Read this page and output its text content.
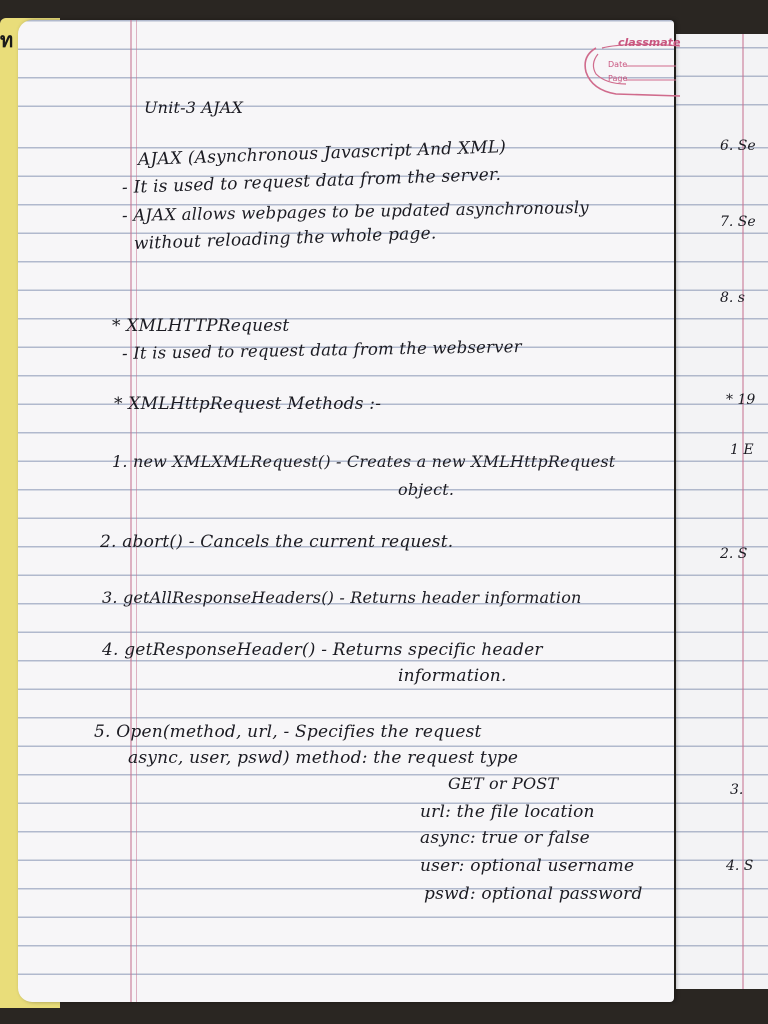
ท
6. Se
7. Se
8. s
* 19
1 E
2. S
3.
4. S
classmate
Date
Page
Unit-3 AJAX
AJAX (Asynchronous Javascript And XML)
- It is used to request data from the server.
- AJAX allows webpages to be updated asynchronously
without reloading the whole page.
* XMLHTTPRequest
- It is used to request data from the webserver
* XMLHttpRequest Methods :-
1. new XMLXMLRequest() - Creates a new XMLHttpRequest
object.
2. abort() - Cancels the current request.
3. getAllResponseHeaders() - Returns header information
4. getResponseHeader() - Returns specific header
information.
5. Open(method, url, - Specifies the request
async, user, pswd) method: the request type
GET or POST
url: the file location
async: true or false
user: optional username
pswd: optional password
